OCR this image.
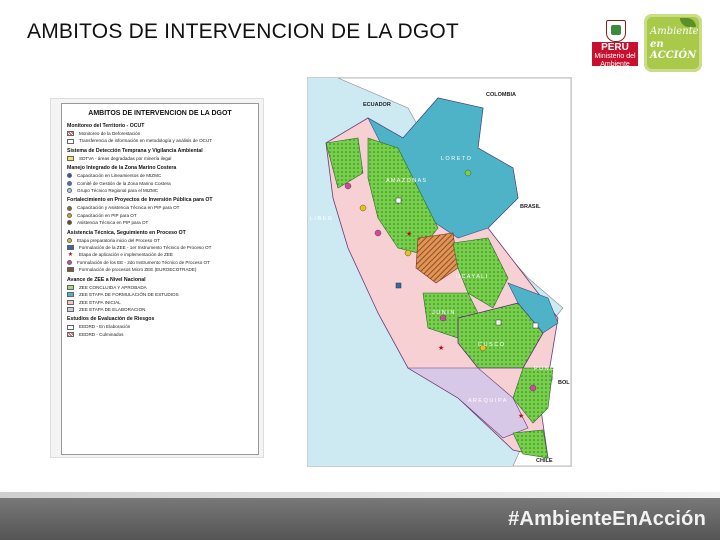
AMBITOS DE INTERVENCION DE LA DGOT
PERÚ
Ministerio del Ambiente
Ambiente
en ACCIÓN
AMBITOS DE INTERVENCION DE LA DGOT
Monitoreo del Territorio - OCUT
Monitoreo de la Deforestación
Transferencia de información en metodología y análisis de OCUT
Sistema de Detección Temprana y Vigilancia Ambiental
SDTVA - áreas degradadas por minería ilegal
Manejo Integrado de la Zona Marino Costera
Capacitación en Lineamientos de MIZMC
Comité de Gestión de la Zona Marino Costera
Grupo Técnico Regional para el MIZMC
Fortalecimiento en Proyectos de Inversión Pública para OT
Capacitación y Asistencia Técnica en PIP para OT
Capacitación en PIP para OT
Asistencia Técnica en PIP para OT
Asistencia Técnica, Seguimiento en Proceso OT
Etapa preparatoria inicio del Proceso OT
Formulación de la ZEE - 1er Instrumento Técnico de Proceso OT
★ Etapa de aplicación e implementación de ZEE
Formulación de los EE - 2do Instrumento Técnico de Proceso OT
Formulación de procesos Micro ZEE (EUROECOTRADE)
Avance de ZEE a Nivel Nacional
ZEE CONCLUIDA Y APROBADA
ZEE ETAPA DE FORMULACIÓN DE ESTUDIOS
ZEE ETAPA INICIAL
ZEE ETAPA DE ELABORACION
Estudios de Evaluación de Riesgos
EEDRD - En Elaboración
EEDRD - Culminados
★
★
★
ECUADOR
COLOMBIA
BRASIL
BOL
CHILE
L O R E T O
A M A Z O N A S
U C A Y A L I
J U N I N
C U S C O
P U N O
A R E Q U I P A
L I B E R
#AmbienteEnAcción
